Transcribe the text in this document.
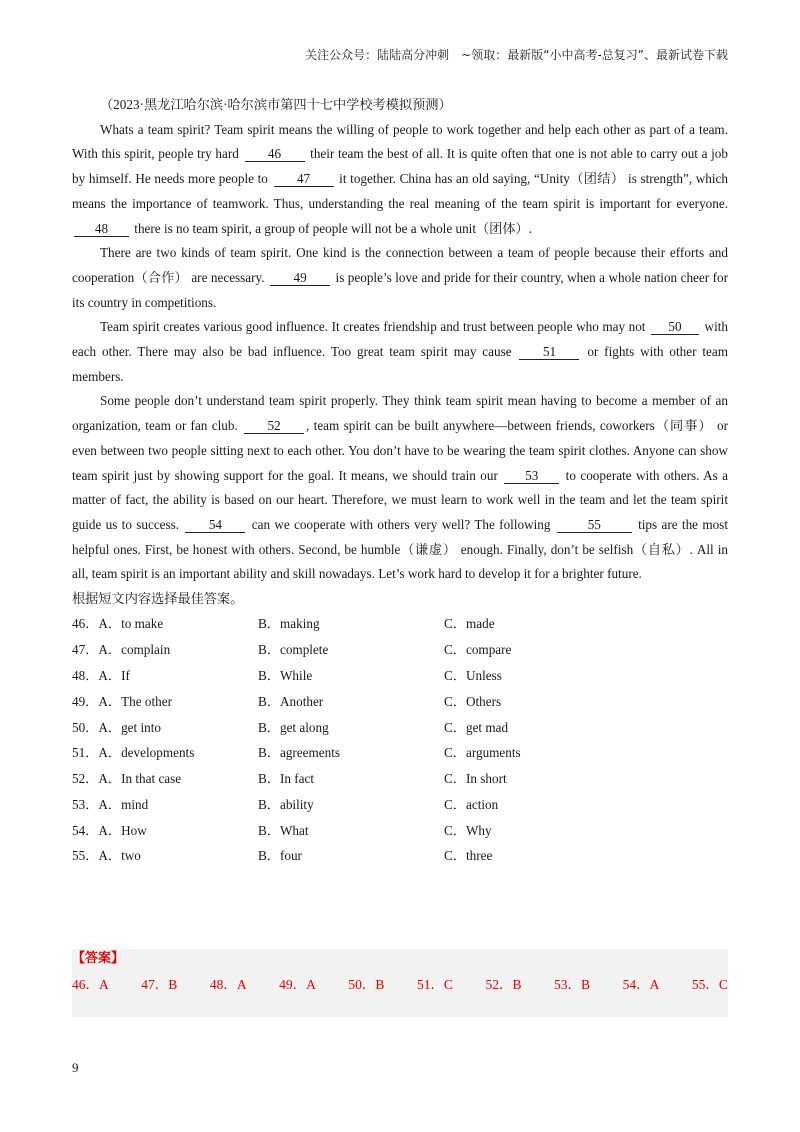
关注公众号：陆陆高分冲刺　~领取：最新版“小中高考-总复习”、最新试卷下载
（2023·黑龙江哈尔滨·哈尔滨市第四十七中学校考模拟预测）

Whats a team spirit? Team spirit means the willing of people to work together and help each other as part of a team. With this spirit, people try hard 46 their team the best of all. It is quite often that one is not able to carry out a job by himself. He needs more people to 47 it together. China has an old saying, “Unity（团结） is strength”, which means the importance of teamwork. Thus, understanding the real meaning of the team spirit is important for everyone. 48 there is no team spirit, a group of people will not be a whole unit（团体）.

There are two kinds of team spirit. One kind is the connection between a team of people because their efforts and cooperation（合作） are necessary. 49 is people’s love and pride for their country, when a whole nation cheer for its country in competitions.

Team spirit creates various good influence. It creates friendship and trust between people who may not 50 with each other. There may also be bad influence. Too great team spirit may cause 51 or fights with other team members.

Some people don’t understand team spirit properly. They think team spirit mean having to become a member of an organization, team or fan club. 52 , team spirit can be built anywhere—between friends, coworkers（同事） or even between two people sitting next to each other. You don’t have to be wearing the team spirit clothes. Anyone can show team spirit just by showing support for the goal. It means, we should train our 53 to cooperate with others. As a matter of fact, the ability is based on our heart. Therefore, we must learn to work well in the team and let the team spirit guide us to success. 54 can we cooperate with others very well? The following 55 tips are the most helpful ones. First, be honest with others. Second, be humble（谦虚） enough. Finally, don’t be selfish（自私）. All in all, team spirit is an important ability and skill nowadays. Let’s work hard to develop it for a brighter future.

根据短文内容选择最佳答案。

46．A．to make	B．making	C．made
47．A．complain	B．complete	C．compare
48．A．If	B．While	C．Unless
49．A．The other	B．Another	C．Others
50．A．get into	B．get along	C．get mad
51．A．developments	B．agreements	C．arguments
52．A．In that case	B．In fact	C．In short
53．A．mind	B．ability	C．action
54．A．How	B．What	C．Why
55．A．two	B．four	C．three
【答案】
46．A 47．B 48．A 49．A 50．B 51．C 52．B 53．B 54．A 55．C
9
